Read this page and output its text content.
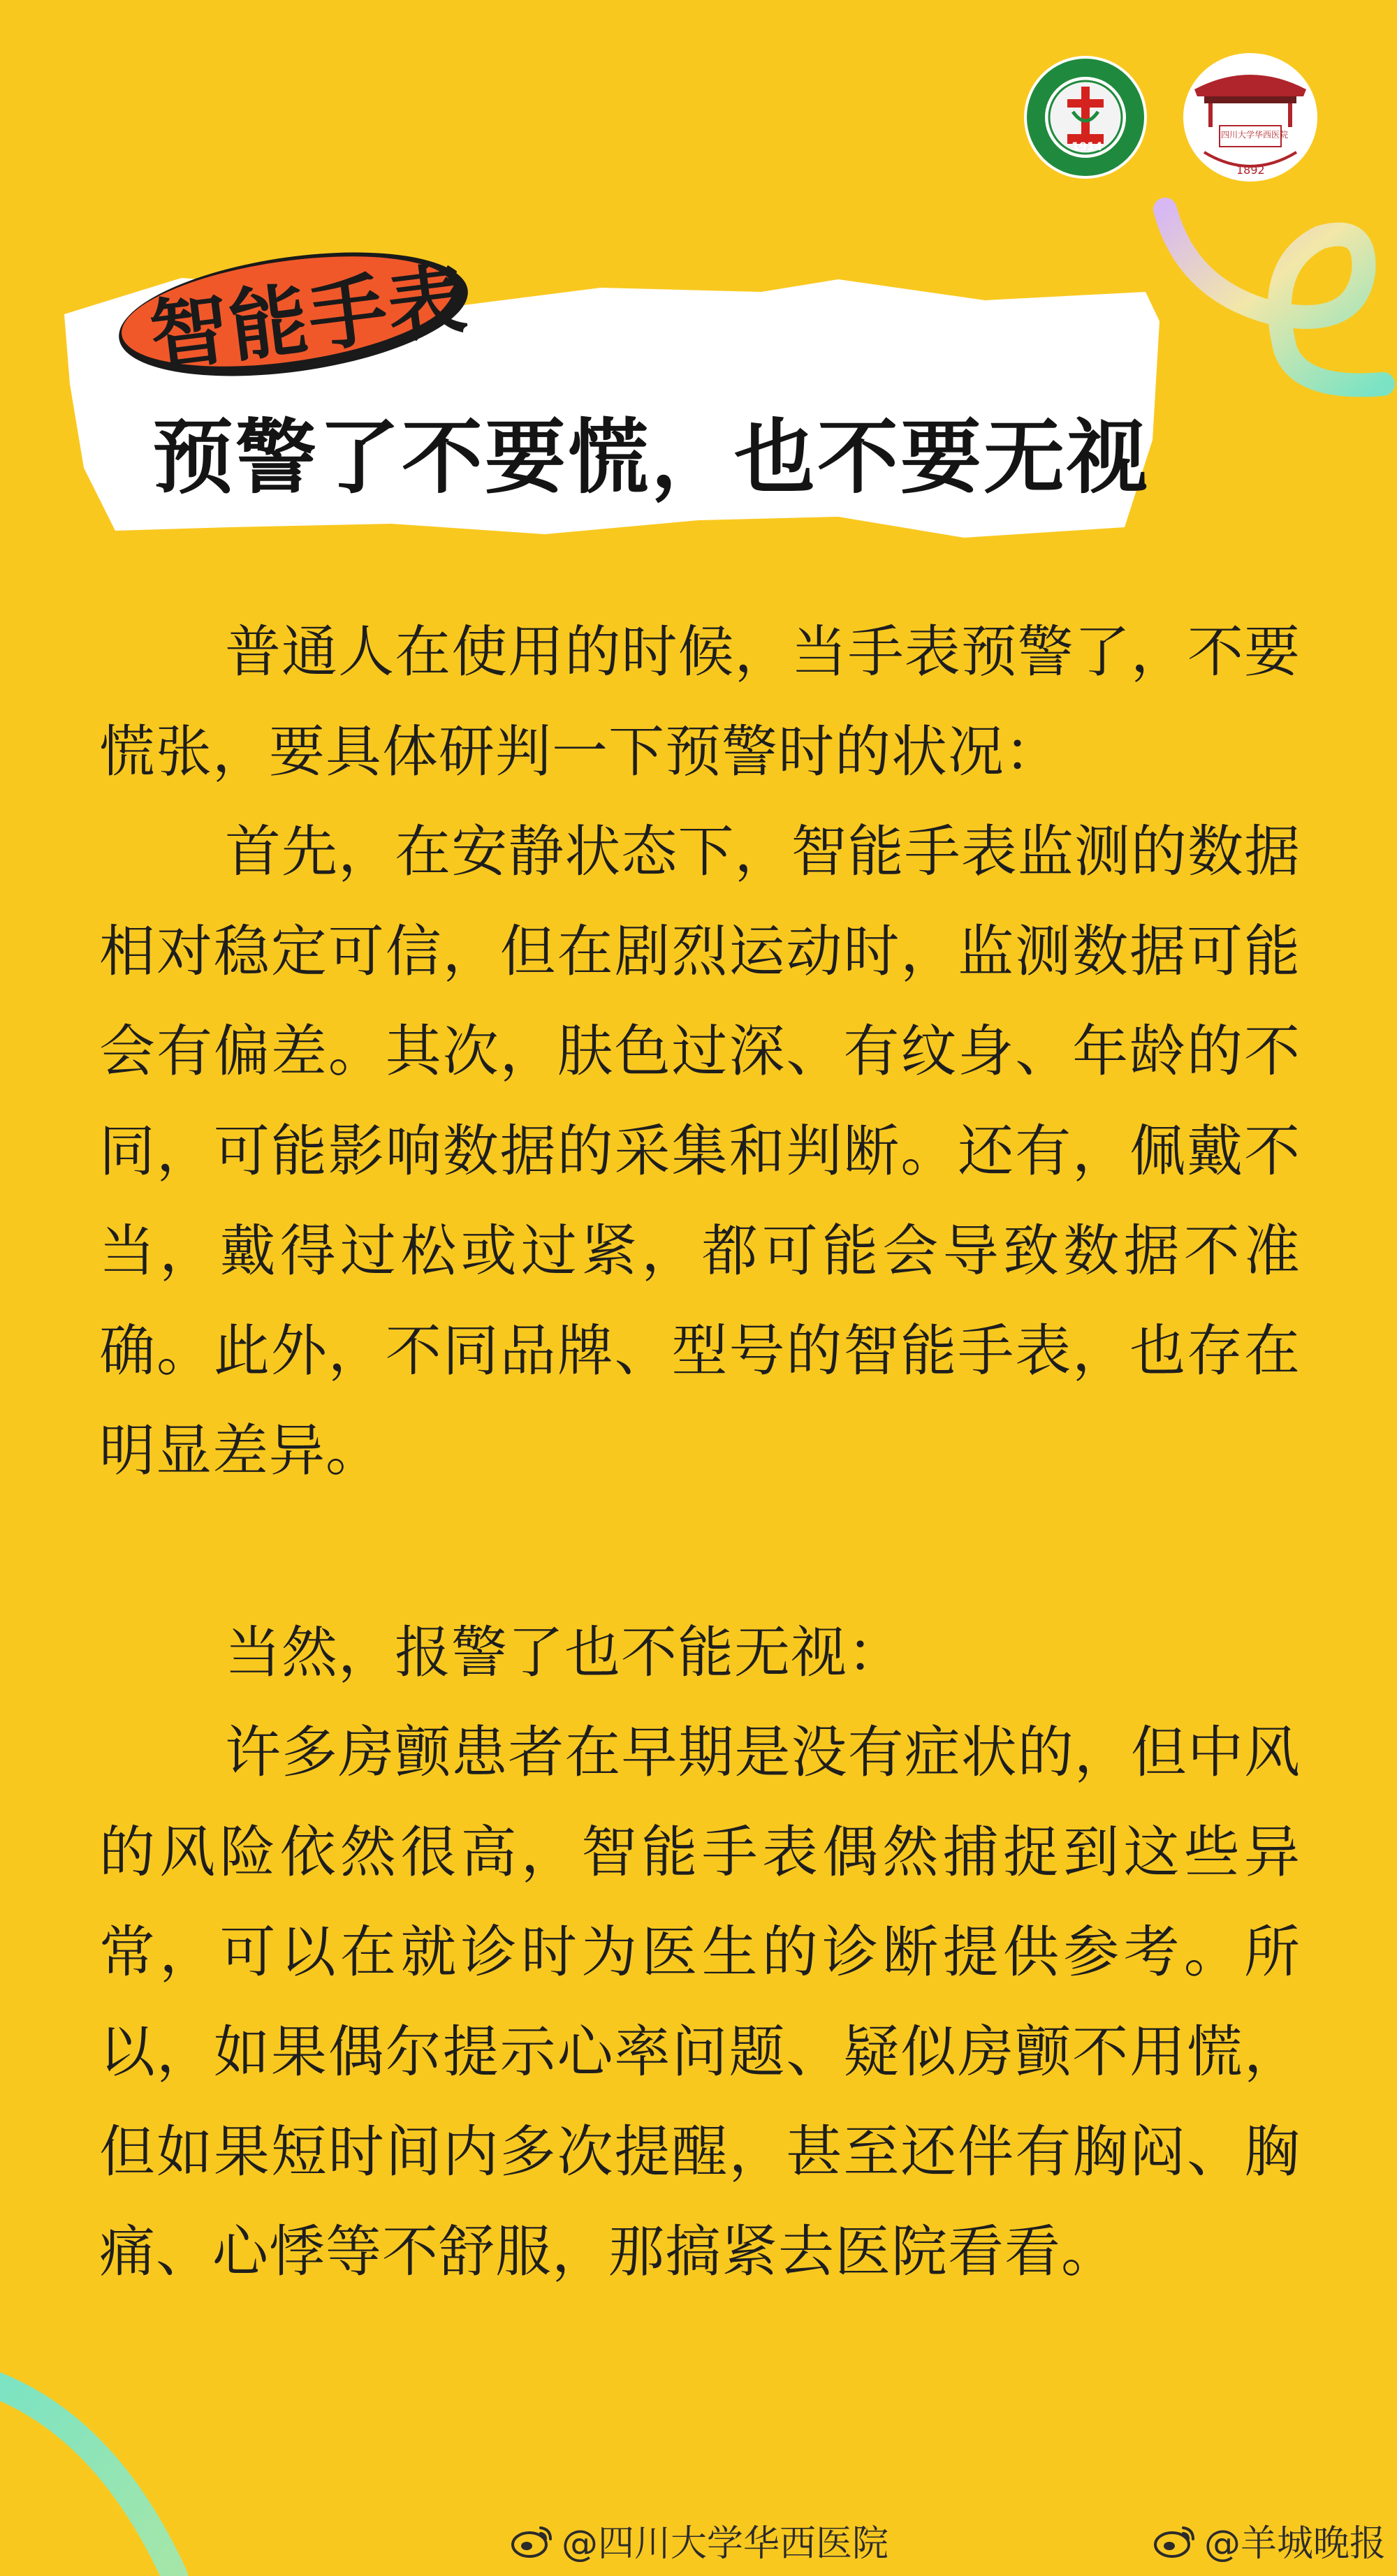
1914
四川大学华西医院
1892
智能手表
预警了不要慌，也不要无视

普通人在使用的时候，当手表预警了，不要慌张，要具体研判一下预警时的状况：

首先，在安静状态下，智能手表监测的数据相对稳定可信，但在剧烈运动时，监测数据可能会有偏差。其次，肤色过深、有纹身、年龄的不同，可能影响数据的采集和判断。还有，佩戴不当，戴得过松或过紧，都可能会导致数据不准确。此外，不同品牌、型号的智能手表，也存在明显差异。

当然，报警了也不能无视：

许多房颤患者在早期是没有症状的，但中风的风险依然很高，智能手表偶然捕捉到这些异常，可以在就诊时为医生的诊断提供参考。所以，如果偶尔提示心率问题、疑似房颤不用慌，但如果短时间内多次提醒，甚至还伴有胸闷、胸痛、心悸等不舒服，那搞紧去医院看看。

@四川大学华西医院	@羊城晚报
